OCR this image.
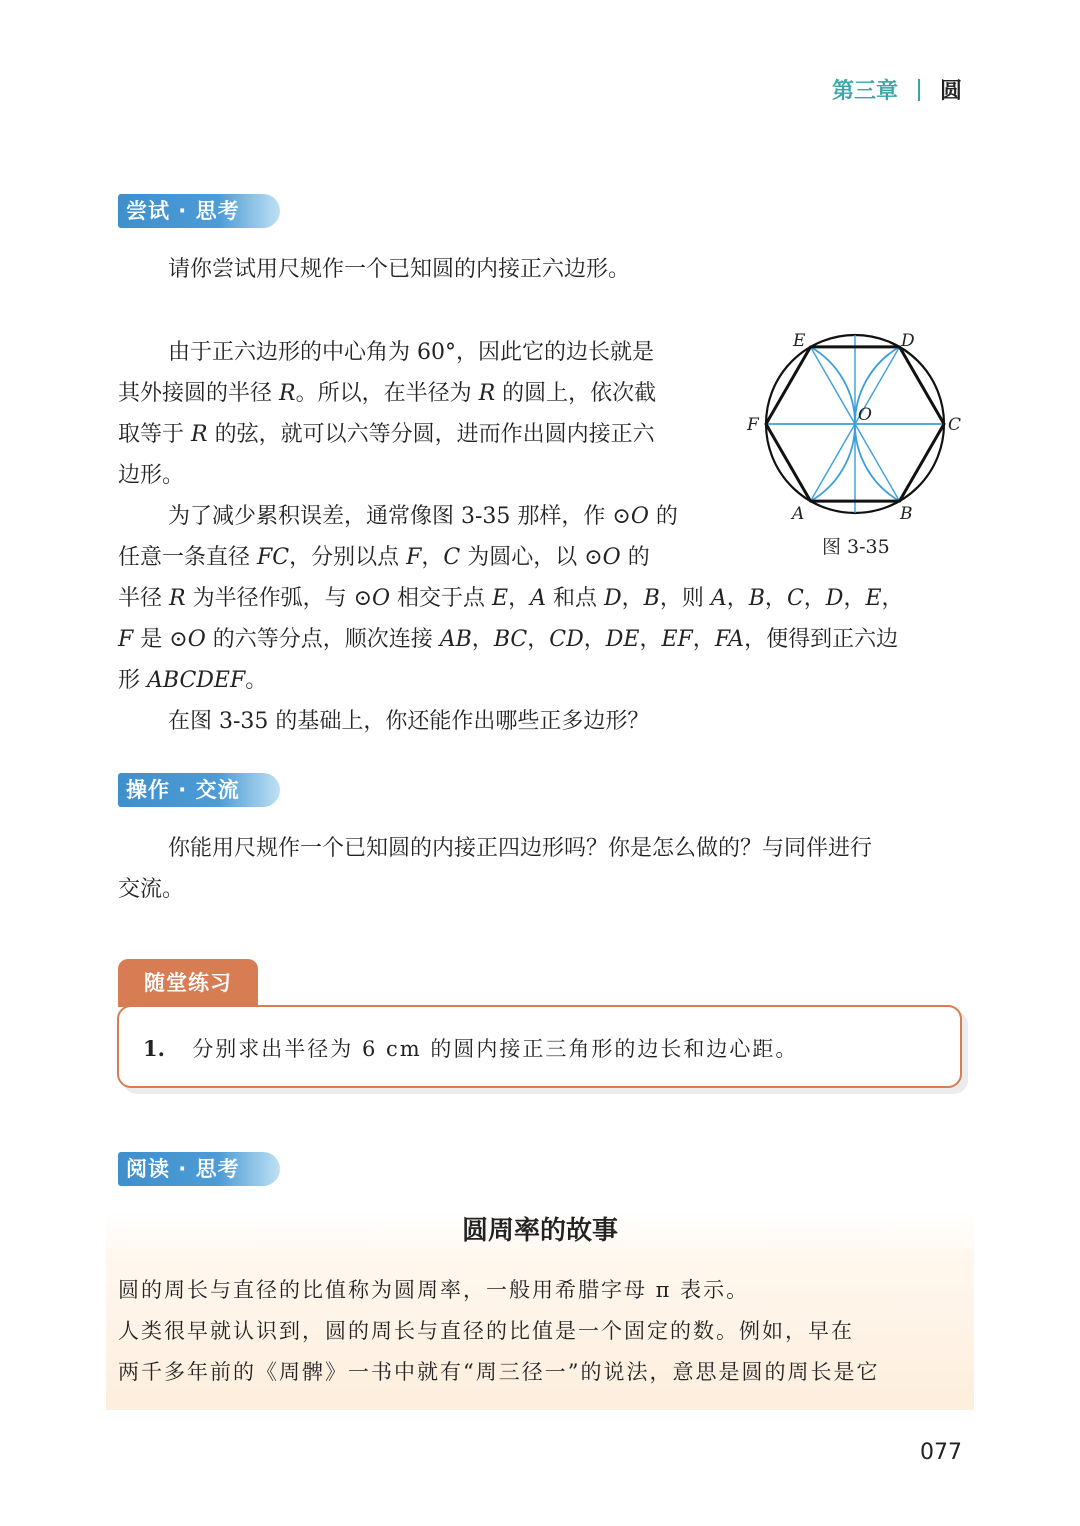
第三章 圆
尝试 · 思考
请你尝试用尺规作一个已知圆的内接正六边形。
由于正六边形的中心角为 60°，因此它的边长就是
其外接圆的半径 R。所以，在半径为 R 的圆上，依次截
取等于 R 的弦，就可以六等分圆，进而作出圆内接正六
边形。
为了减少累积误差，通常像图 3-35 那样，作 ⊙O 的
任意一条直径 FC，分别以点 F，C 为圆心，以 ⊙O 的
半径 R 为半径作弧，与 ⊙O 相交于点 E，A 和点 D，B，则 A，B，C，D，E，
F 是 ⊙O 的六等分点，顺次连接 AB，BC，CD，DE，EF，FA，便得到正六边
形 ABCDEF。
在图 3-35 的基础上，你还能作出哪些正多边形？
E	D
F	C
O
A	B
图 3-35
操作 · 交流
你能用尺规作一个已知圆的内接正四边形吗？你是怎么做的？与同伴进行
交流。
随堂练习
1. 分别求出半径为 6 cm 的圆内接正三角形的边长和边心距。
阅读 · 思考
圆周率的故事
圆的周长与直径的比值称为圆周率，一般用希腊字母 π 表示。
人类很早就认识到，圆的周长与直径的比值是一个固定的数。例如，早在
两千多年前的《周髀》一书中就有“周三径一”的说法，意思是圆的周长是它
077
